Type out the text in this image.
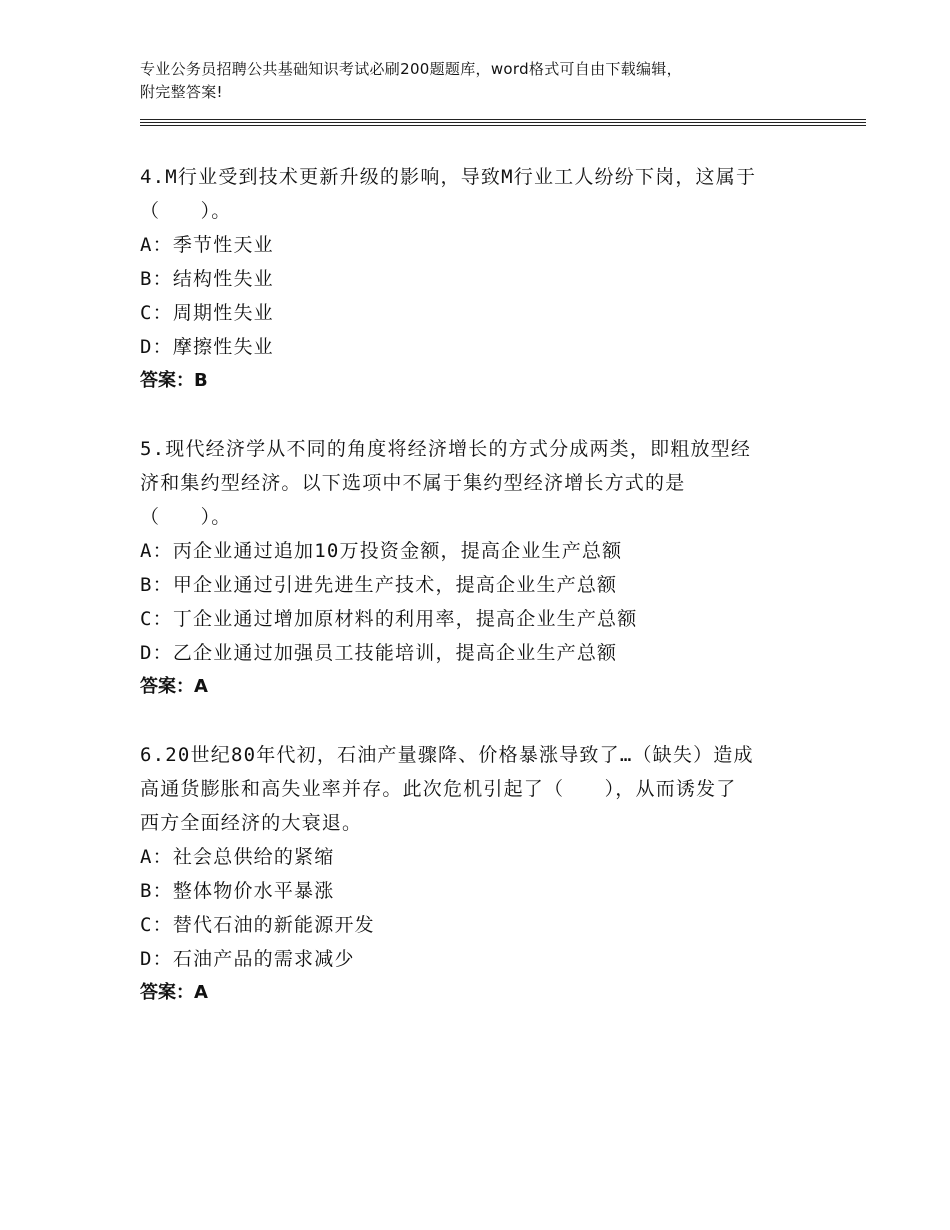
专业公务员招聘公共基础知识考试必刷200题题库，word格式可自由下载编辑，
附完整答案!

4.M行业受到技术更新升级的影响，导致M行业工人纷纷下岗，这属于

（　　）。

A：季节性天业

B：结构性失业

C：周期性失业

D：摩擦性失业

答案：B

5.现代经济学从不同的角度将经济增长的方式分成两类，即粗放型经

济和集约型经济。以下选项中不属于集约型经济增长方式的是

（　　）。

A：丙企业通过追加10万投资金额，提高企业生产总额

B：甲企业通过引进先进生产技术，提高企业生产总额

C：丁企业通过增加原材料的利用率，提高企业生产总额

D：乙企业通过加强员工技能培训，提高企业生产总额

答案：A

6.20世纪80年代初，石油产量骤降、价格暴涨导致了…（缺失）造成

高通货膨胀和高失业率并存。此次危机引起了（　　），从而诱发了

西方全面经济的大衰退。

A：社会总供给的紧缩

B：整体物价水平暴涨

C：替代石油的新能源开发

D：石油产品的需求减少

答案：A
